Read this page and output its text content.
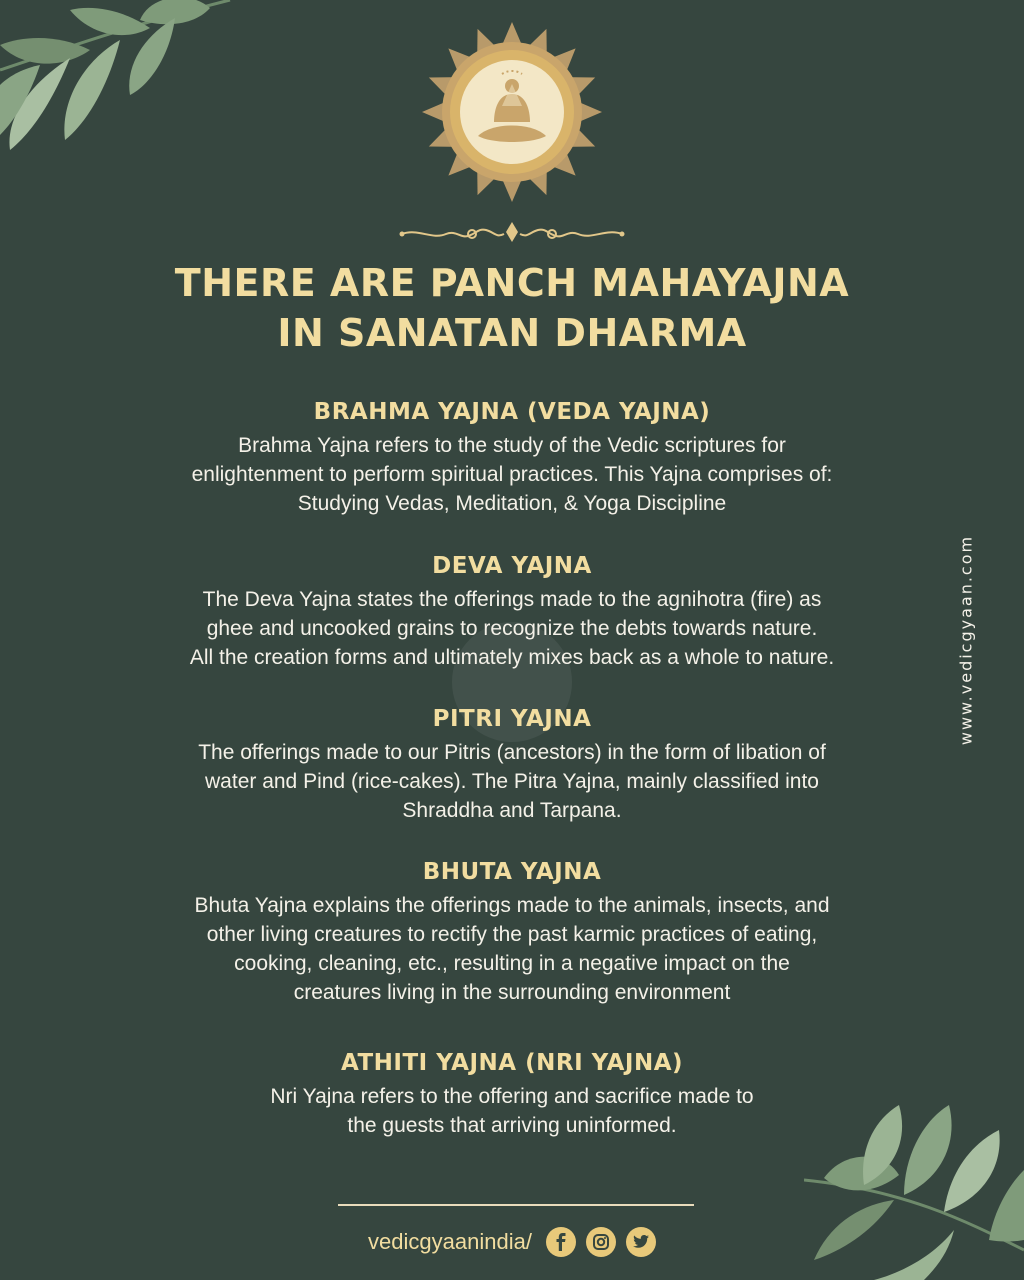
THERE ARE PANCH MAHAYAJNA
IN SANATAN DHARMA
BRAHMA YAJNA (VEDA YAJNA)

Brahma Yajna refers to the study of the Vedic scriptures for
enlightenment to perform spiritual practices. This Yajna comprises of:
Studying Vedas, Meditation, & Yoga Discipline

DEVA YAJNA

The Deva Yajna states the offerings made to the agnihotra (fire) as
ghee and uncooked grains to recognize the debts towards nature.
All the creation forms and ultimately mixes back as a whole to nature.

PITRI YAJNA

The offerings made to our Pitris (ancestors) in the form of libation of
water and Pind (rice-cakes). The Pitra Yajna, mainly classified into
Shraddha and Tarpana.

BHUTA YAJNA

Bhuta Yajna explains the offerings made to the animals, insects, and
other living creatures to rectify the past karmic practices of eating,
cooking, cleaning, etc., resulting in a negative impact on the
creatures living in the surrounding environment

ATHITI YAJNA (NRI YAJNA)

Nri Yajna refers to the offering and sacrifice made to
the guests that arriving uninformed.

www.vedicgyaan.com
vedicgyaanindia/
